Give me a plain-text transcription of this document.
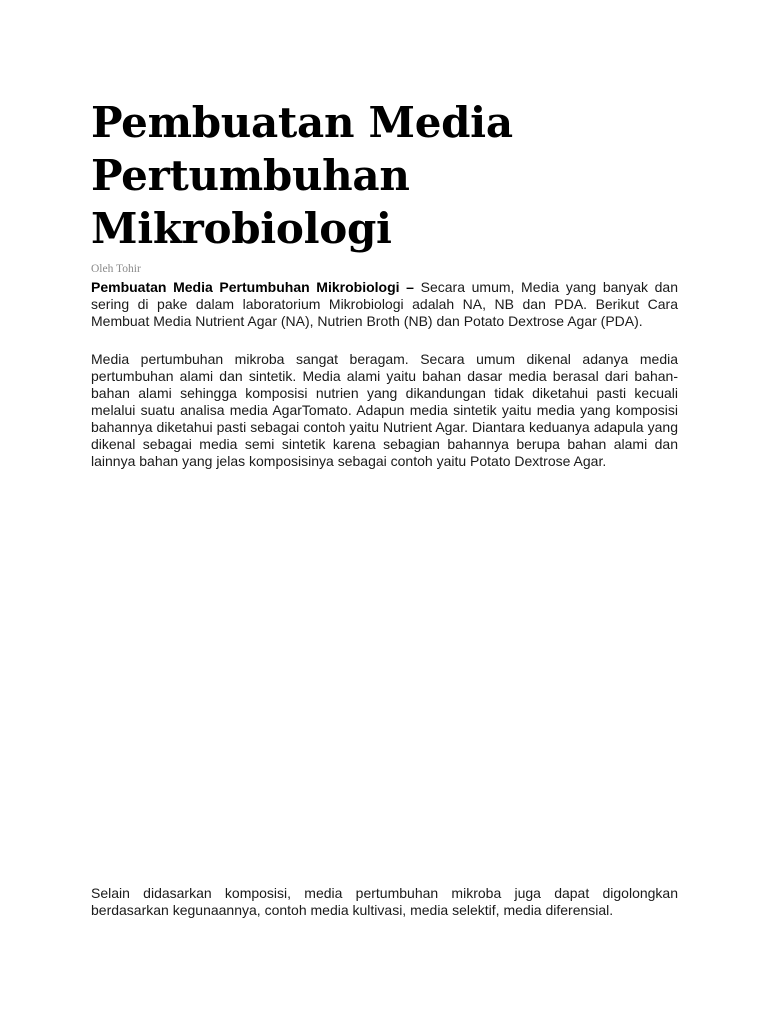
Pembuatan Media Pertumbuhan Mikrobiologi

Oleh Tohir

Pembuatan Media Pertumbuhan Mikrobiologi – Secara umum, Media yang banyak dan sering di pake dalam laboratorium Mikrobiologi adalah NA, NB dan PDA. Berikut Cara Membuat Media Nutrient Agar (NA), Nutrien Broth (NB) dan Potato Dextrose Agar (PDA).

Media pertumbuhan mikroba sangat beragam. Secara umum dikenal adanya media pertumbuhan alami dan sintetik. Media alami yaitu bahan dasar media berasal dari bahan-bahan alami sehingga komposisi nutrien yang dikandungan tidak diketahui pasti kecuali melalui suatu analisa media AgarTomato. Adapun media sintetik yaitu media yang komposisi bahannya diketahui pasti sebagai contoh yaitu Nutrient Agar. Diantara keduanya adapula yang dikenal sebagai media semi sintetik karena sebagian bahannya berupa bahan alami dan lainnya bahan yang jelas komposisinya sebagai contoh yaitu Potato Dextrose Agar.

Selain didasarkan komposisi, media pertumbuhan mikroba juga dapat digolongkan berdasarkan kegunaannya, contoh media kultivasi, media selektif, media diferensial.
